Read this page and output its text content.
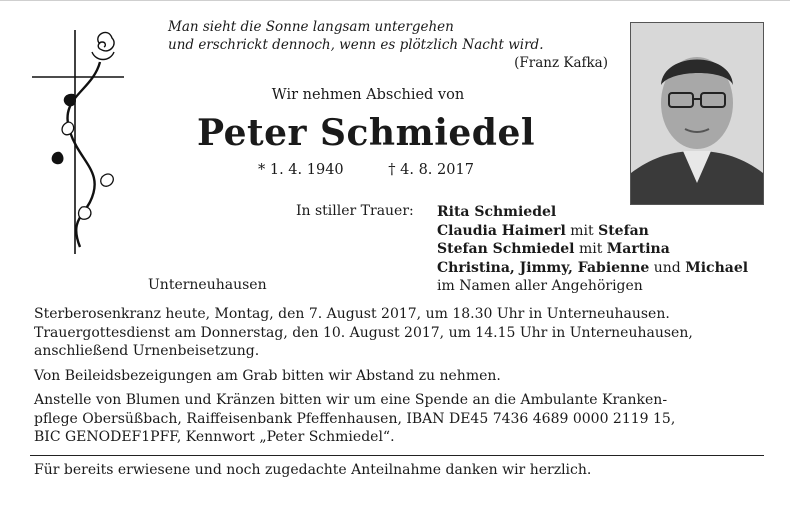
Man sieht die Sonne langsam untergehen
und erschrickt dennoch, wenn es plötzlich Nacht wird.
(Franz Kafka)
Wir nehmen Abschied von
Peter Schmiedel
* 1. 4. 1940	† 4. 8. 2017
In stiller Trauer: Rita Schmiedel
Claudia Haimerl mit Stefan
Stefan Schmiedel mit Martina
Christina, Jimmy, Fabienne und Michael
im Namen aller Angehörigen
Unterneuhausen

Sterberosenkranz heute, Montag, den 7. August 2017, um 18.30 Uhr in Unterneuhausen.
Trauergottesdienst am Donnerstag, den 10. August 2017, um 14.15 Uhr in Unterneuhausen,
anschließend Urnenbeisetzung.

Von Beileidsbezeigungen am Grab bitten wir Abstand zu nehmen.

Anstelle von Blumen und Kränzen bitten wir um eine Spende an die Ambulante Kranken-
pflege Obersüßbach, Raiffeisenbank Pfeffenhausen, IBAN DE45 7436 4689 0000 2119 15,
BIC GENODEF1PFF, Kennwort „Peter Schmiedel“.

Für bereits erwiesene und noch zugedachte Anteilnahme danken wir herzlich.
